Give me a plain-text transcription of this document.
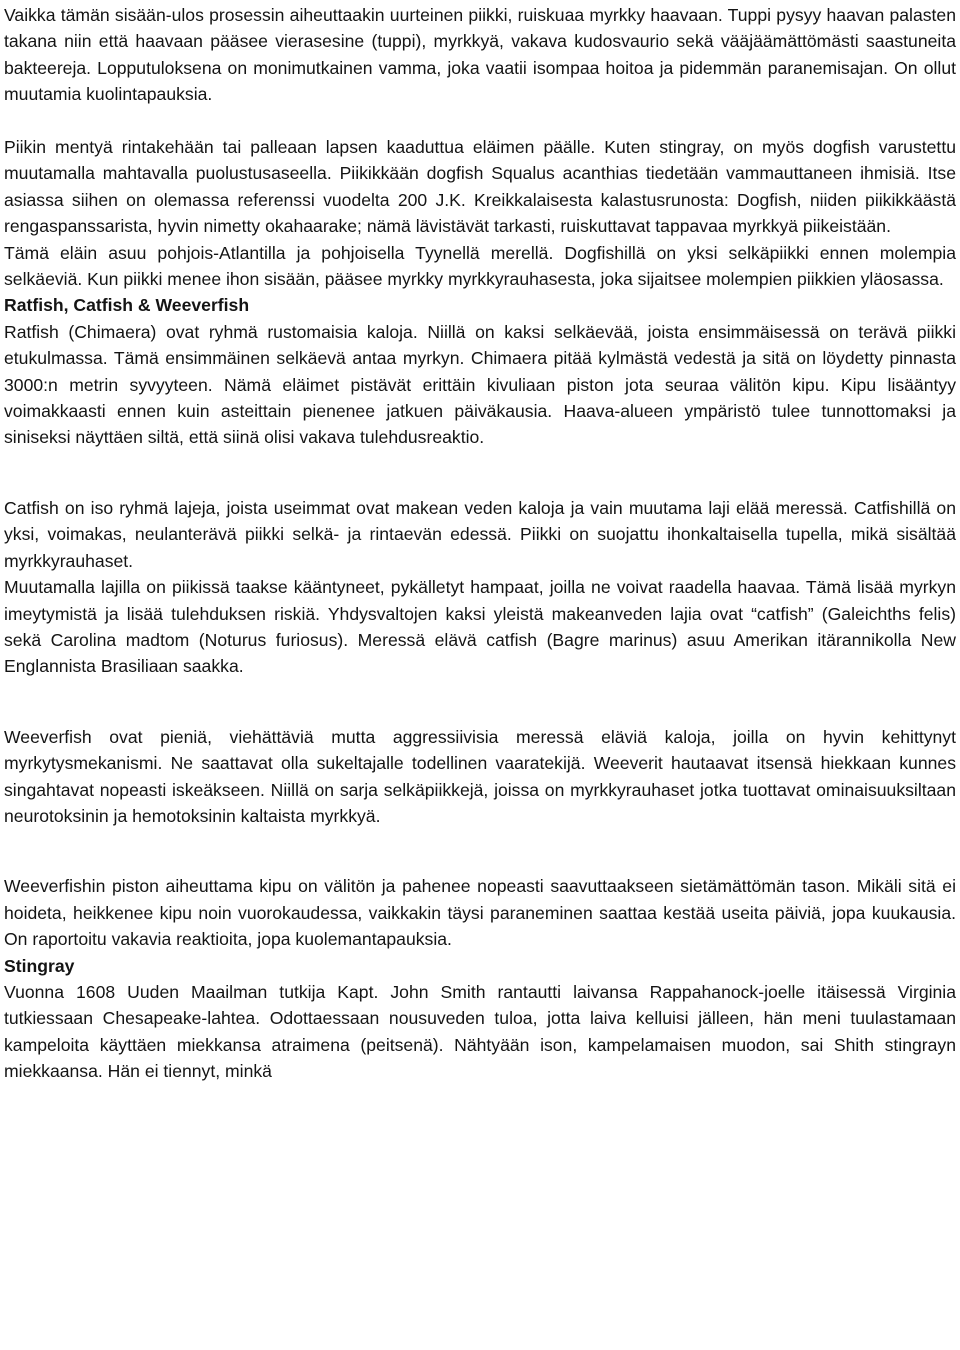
Vaikka tämän sisään-ulos prosessin aiheuttaakin uurteinen piikki, ruiskuaa myrkky haavaan. Tuppi pysyy haavan palasten takana niin että haavaan pääsee vierasesine (tuppi), myrkkyä, vakava kudosvaurio sekä vääjäämättömästi saastuneita bakteereja. Lopputuloksena on monimutkainen vamma, joka vaatii isompaa hoitoa ja pidemmän paranemisajan. On ollut muutamia kuolintapauksia.

Piikin mentyä rintakehään tai palleaan lapsen kaaduttua eläimen päälle. Kuten stingray, on myös dogfish varustettu muutamalla mahtavalla puolustusaseella. Piikikkään dogfish Squalus acanthias tiedetään vammauttaneen ihmisiä. Itse asiassa siihen on olemassa referenssi vuodelta 200 J.K. Kreikkalaisesta kalastusrunosta: Dogfish, niiden piikikkäästä rengaspanssarista, hyvin nimetty okahaarake; nämä lävistävät tarkasti, ruiskuttavat tappavaa myrkkyä piikeistään.

Tämä eläin asuu pohjois-Atlantilla ja pohjoisella Tyynellä merellä. Dogfishillä on yksi selkäpiikki ennen molempia selkäeviä. Kun piikki menee ihon sisään, pääsee myrkky myrkkyrauhasesta, joka sijaitsee molempien piikkien yläosassa.

Ratfish, Catfish & Weeverfish

Ratfish (Chimaera) ovat ryhmä rustomaisia kaloja. Niillä on kaksi selkäevää, joista ensimmäisessä on terävä piikki etukulmassa. Tämä ensimmäinen selkäevä antaa myrkyn. Chimaera pitää kylmästä vedestä ja sitä on löydetty pinnasta 3000:n metrin syvyyteen. Nämä eläimet pistävät erittäin kivuliaan piston jota seuraa välitön kipu. Kipu lisääntyy voimakkaasti ennen kuin asteittain pienenee jatkuen päiväkausia. Haava-alueen ympäristö tulee tunnottomaksi ja siniseksi näyttäen siltä, että siinä olisi vakava tulehdusreaktio.

Catfish on iso ryhmä lajeja, joista useimmat ovat makean veden kaloja ja vain muutama laji elää meressä. Catfishillä on yksi, voimakas, neulanterävä piikki selkä- ja rintaevän edessä. Piikki on suojattu ihonkaltaisella tupella, mikä sisältää myrkkyrauhaset.

Muutamalla lajilla on piikissä taakse kääntyneet, pykälletyt hampaat, joilla ne voivat raadella haavaa. Tämä lisää myrkyn imeytymistä ja lisää tulehduksen riskiä. Yhdysvaltojen kaksi yleistä makeanveden lajia ovat “catfish” (Galeichths felis) sekä Carolina madtom (Noturus furiosus). Meressä elävä catfish (Bagre marinus) asuu Amerikan itärannikolla New Englannista Brasiliaan saakka.

Weeverfish ovat pieniä, viehättäviä mutta aggressiivisia meressä eläviä kaloja, joilla on hyvin kehittynyt myrkytysmekanismi. Ne saattavat olla sukeltajalle todellinen vaaratekijä. Weeverit hautaavat itsensä hiekkaan kunnes singahtavat nopeasti iskeäkseen. Niillä on sarja selkäpiikkejä, joissa on myrkkyrauhaset jotka tuottavat ominaisuuksiltaan neurotoksinin ja hemotoksinin kaltaista myrkkyä.

Weeverfishin piston aiheuttama kipu on välitön ja pahenee nopeasti saavuttaakseen sietämättömän tason. Mikäli sitä ei hoideta, heikkenee kipu noin vuorokaudessa, vaikkakin täysi paraneminen saattaa kestää useita päiviä, jopa kuukausia. On raportoitu vakavia reaktioita, jopa kuolemantapauksia.

Stingray

Vuonna 1608 Uuden Maailman tutkija Kapt. John Smith rantautti laivansa Rappahanock-joelle itäisessä Virginia tutkiessaan Chesapeake-lahtea. Odottaessaan nousuveden tuloa, jotta laiva kelluisi jälleen, hän meni tuulastamaan kampeloita käyttäen miekkansa atraimena (peitsenä). Nähtyään ison, kampelamaisen muodon, sai Shith stingrayn miekkaansa. Hän ei tiennyt, minkä
